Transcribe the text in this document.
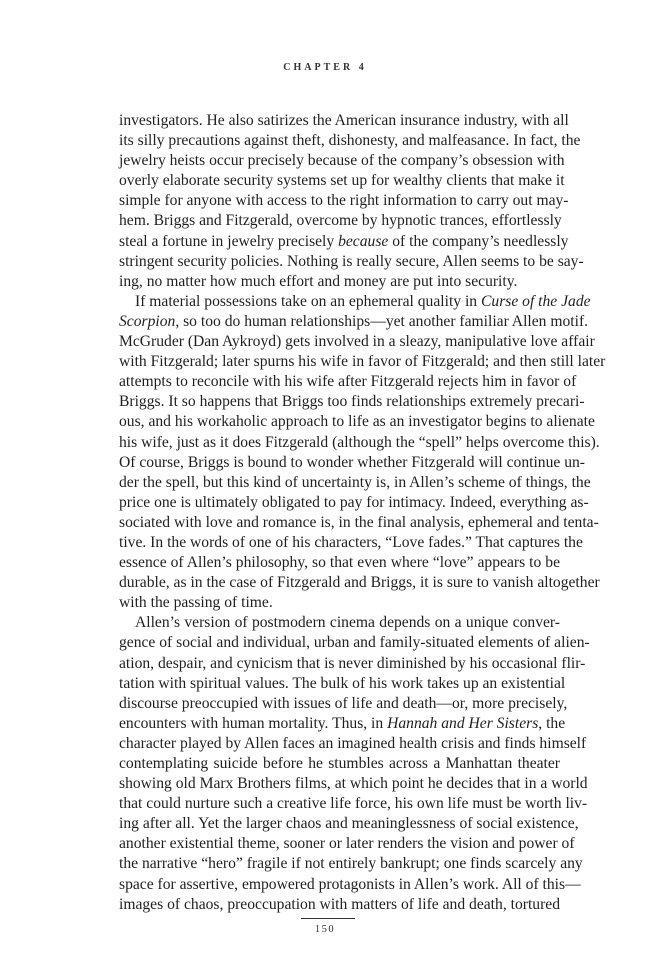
CHAPTER 4
investigators. He also satirizes the American insurance industry, with all
its silly precautions against theft, dishonesty, and malfeasance. In fact, the
jewelry heists occur precisely because of the company’s obsession with
overly elaborate security systems set up for wealthy clients that make it
simple for anyone with access to the right information to carry out may-
hem. Briggs and Fitzgerald, overcome by hypnotic trances, effortlessly
steal a fortune in jewelry precisely because of the company’s needlessly
stringent security policies. Nothing is really secure, Allen seems to be say-
ing, no matter how much effort and money are put into security.
If material possessions take on an ephemeral quality in Curse of the Jade
Scorpion, so too do human relationships—yet another familiar Allen motif.
McGruder (Dan Aykroyd) gets involved in a sleazy, manipulative love affair
with Fitzgerald; later spurns his wife in favor of Fitzgerald; and then still later
attempts to reconcile with his wife after Fitzgerald rejects him in favor of
Briggs. It so happens that Briggs too finds relationships extremely precari-
ous, and his workaholic approach to life as an investigator begins to alienate
his wife, just as it does Fitzgerald (although the “spell” helps overcome this).
Of course, Briggs is bound to wonder whether Fitzgerald will continue un-
der the spell, but this kind of uncertainty is, in Allen’s scheme of things, the
price one is ultimately obligated to pay for intimacy. Indeed, everything as-
sociated with love and romance is, in the final analysis, ephemeral and tenta-
tive. In the words of one of his characters, “Love fades.” That captures the
essence of Allen’s philosophy, so that even where “love” appears to be
durable, as in the case of Fitzgerald and Briggs, it is sure to vanish altogether
with the passing of time.
Allen’s version of postmodern cinema depends on a unique conver-
gence of social and individual, urban and family-situated elements of alien-
ation, despair, and cynicism that is never diminished by his occasional flir-
tation with spiritual values. The bulk of his work takes up an existential
discourse preoccupied with issues of life and death—or, more precisely,
encounters with human mortality. Thus, in Hannah and Her Sisters, the
character played by Allen faces an imagined health crisis and finds himself
contemplating suicide before he stumbles across a Manhattan theater
showing old Marx Brothers films, at which point he decides that in a world
that could nurture such a creative life force, his own life must be worth liv-
ing after all. Yet the larger chaos and meaninglessness of social existence,
another existential theme, sooner or later renders the vision and power of
the narrative “hero” fragile if not entirely bankrupt; one finds scarcely any
space for assertive, empowered protagonists in Allen’s work. All of this—
images of chaos, preoccupation with matters of life and death, tortured
150
